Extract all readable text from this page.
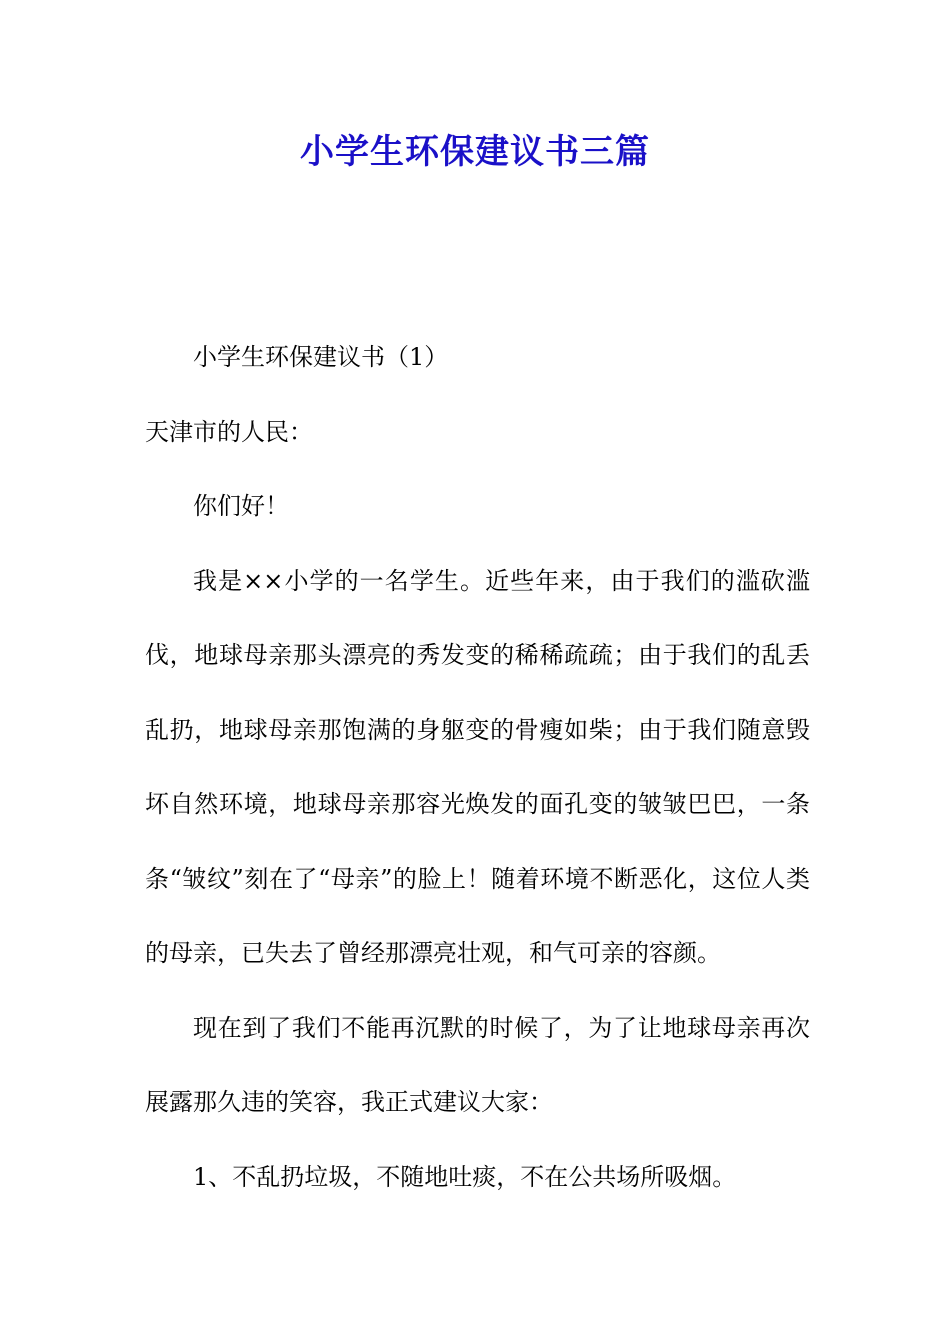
小学生环保建议书三篇

小学生环保建议书（1）

天津市的人民：

你们好！

我是××小学的一名学生。近些年来，由于我们的滥砍滥伐，地球母亲那头漂亮的秀发变的稀稀疏疏；由于我们的乱丢乱扔，地球母亲那饱满的身躯变的骨瘦如柴；由于我们随意毁坏自然环境，地球母亲那容光焕发的面孔变的皱皱巴巴，一条条“皱纹”刻在了“母亲”的脸上！随着环境不断恶化，这位人类的母亲，已失去了曾经那漂亮壮观，和气可亲的容颜。

现在到了我们不能再沉默的时候了，为了让地球母亲再次展露那久违的笑容，我正式建议大家：

1、不乱扔垃圾，不随地吐痰，不在公共场所吸烟。
